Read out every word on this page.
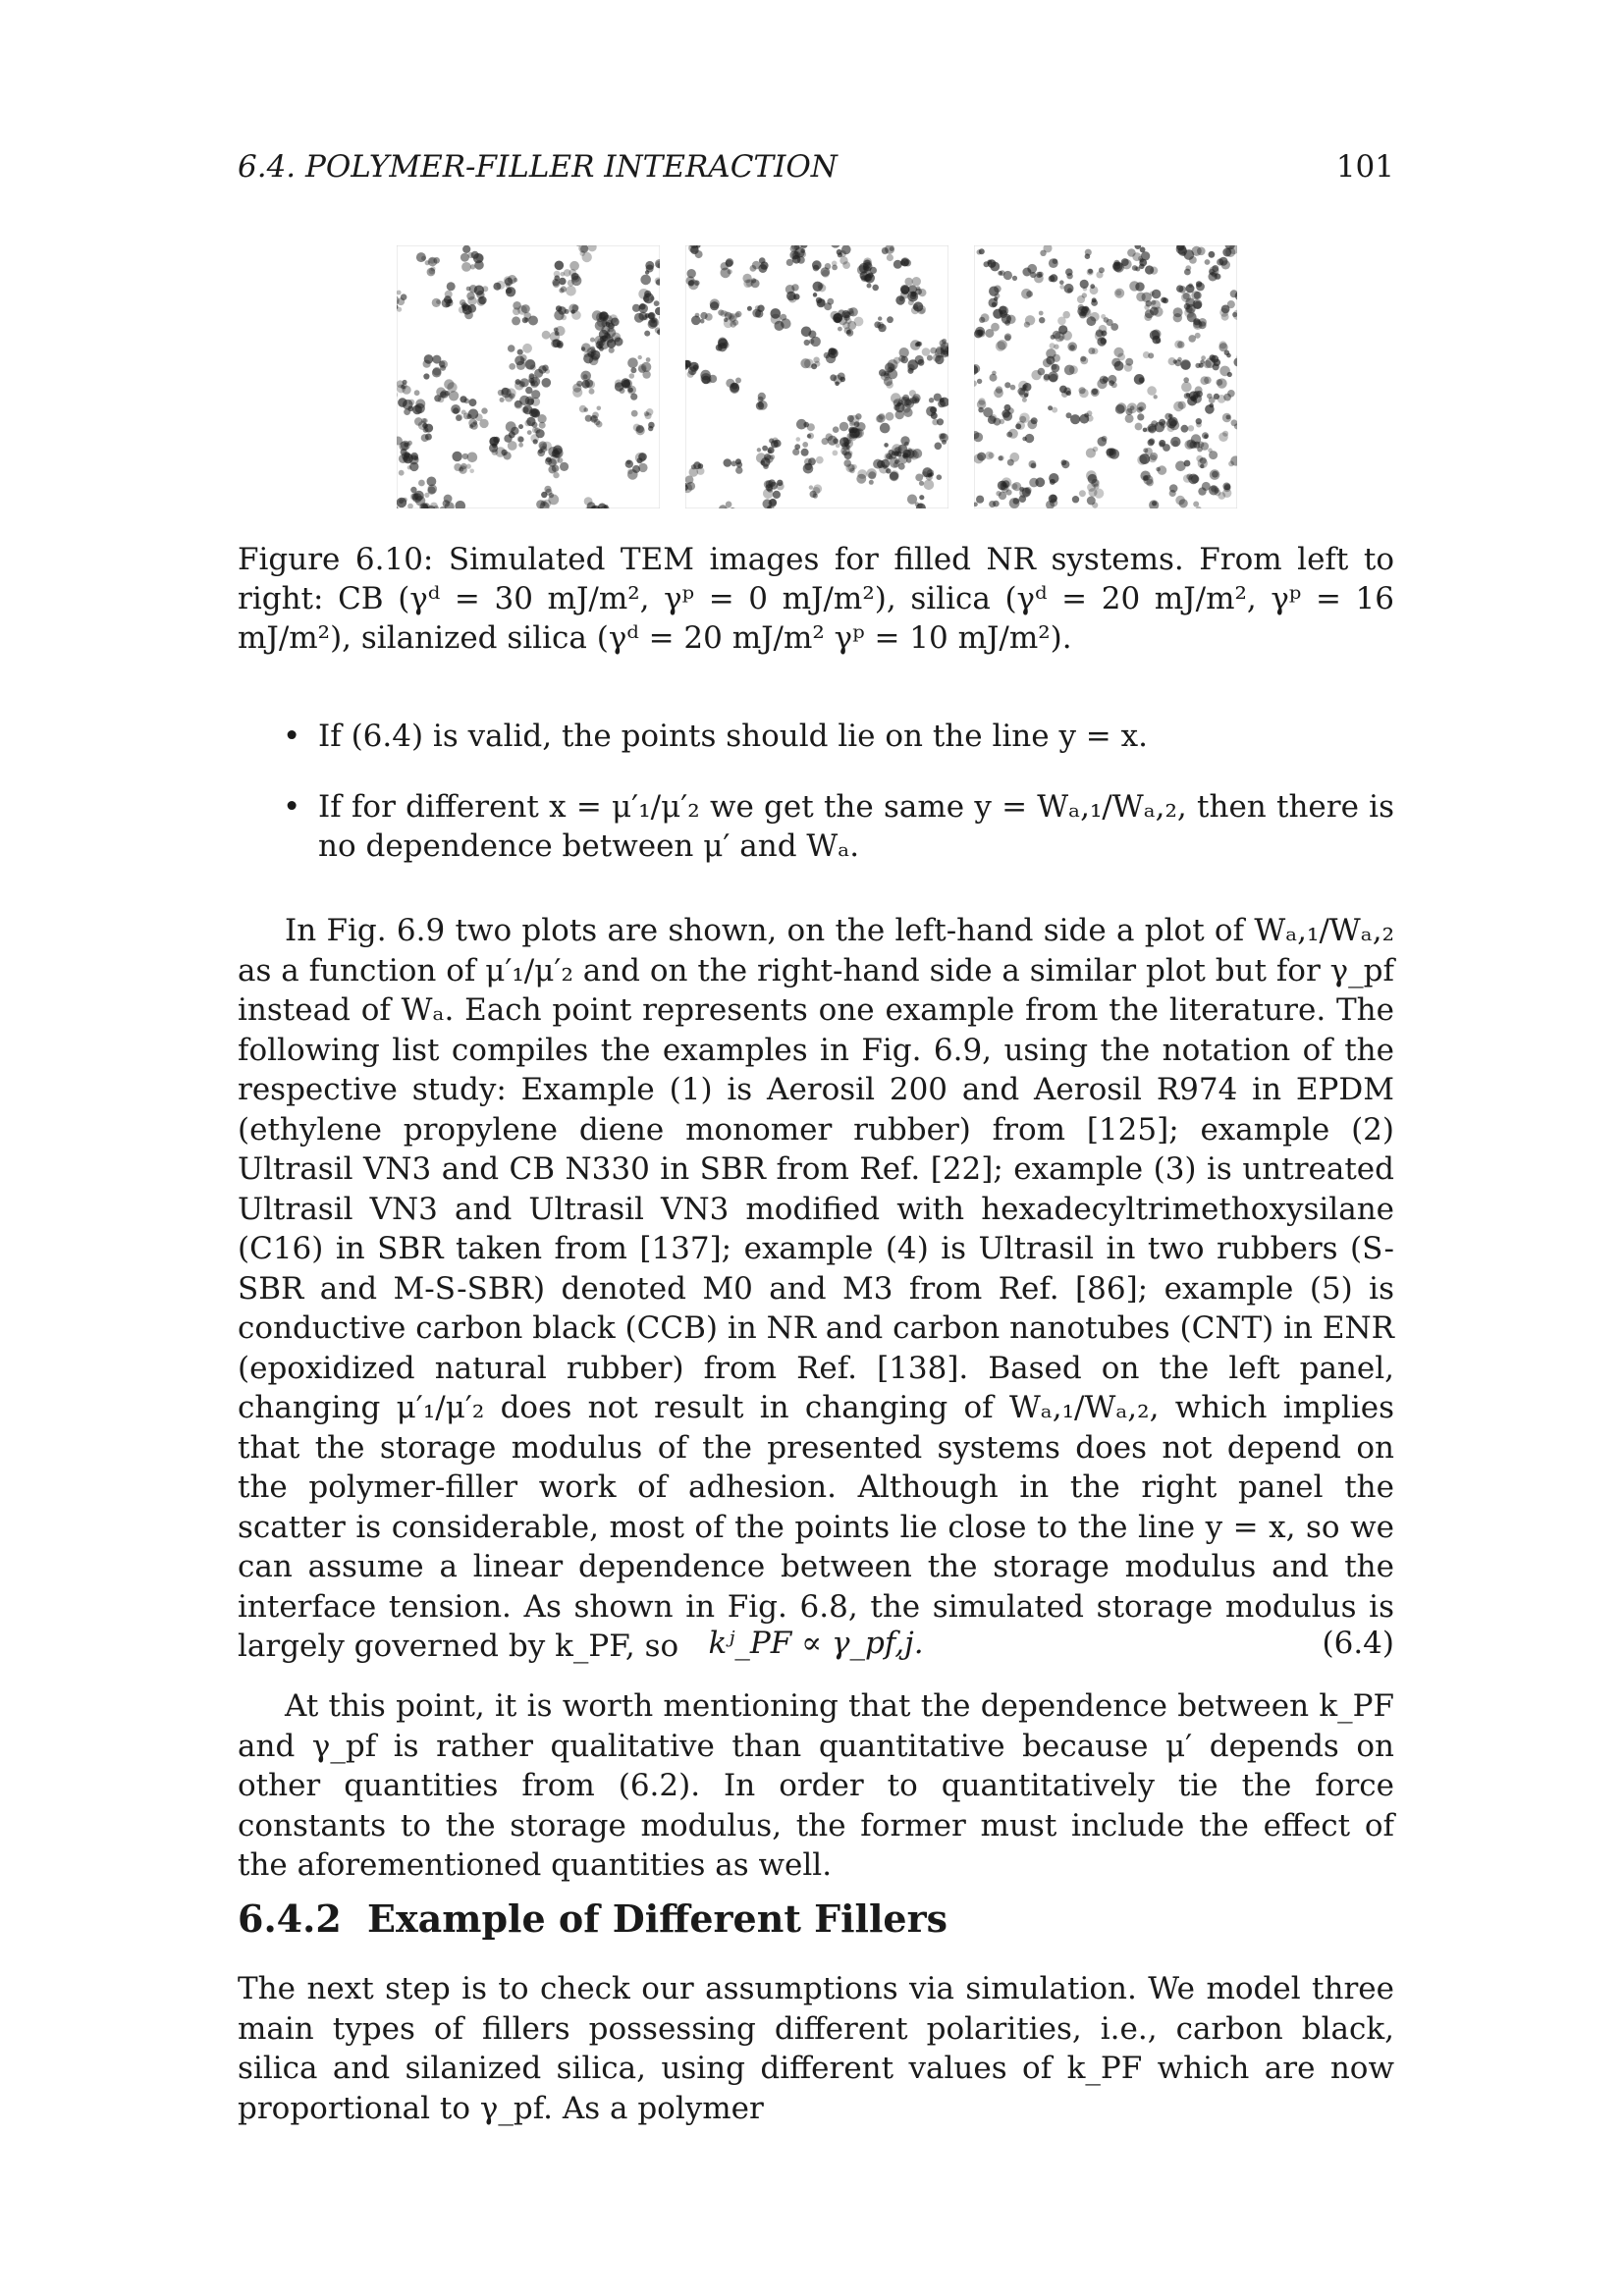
6.4. POLYMER-FILLER INTERACTION	101

Figure 6.10: Simulated TEM images for filled NR systems. From left to right: CB (γᵈ = 30 mJ/m², γᵖ = 0 mJ/m²), silica (γᵈ = 20 mJ/m², γᵖ = 16 mJ/m²), silanized silica (γᵈ = 20 mJ/m² γᵖ = 10 mJ/m²).

• If (6.4) is valid, the points should lie on the line y = x.
• If for different x = μ′₁/μ′₂ we get the same y = Wₐ,₁/Wₐ,₂, then there is no dependence between μ′ and Wₐ.

In Fig. 6.9 two plots are shown, on the left-hand side a plot of Wₐ,₁/Wₐ,₂ as a function of μ′₁/μ′₂ and on the right-hand side a similar plot but for γ_pf instead of Wₐ. Each point represents one example from the literature. The following list compiles the examples in Fig. 6.9, using the notation of the respective study: Example (1) is Aerosil 200 and Aerosil R974 in EPDM (ethylene propylene diene monomer rubber) from [125]; example (2) Ultrasil VN3 and CB N330 in SBR from Ref. [22]; example (3) is untreated Ultrasil VN3 and Ultrasil VN3 modified with hexadecyltrimethoxysilane (C16) in SBR taken from [137]; example (4) is Ultrasil in two rubbers (S-SBR and M-S-SBR) denoted M0 and M3 from Ref. [86]; example (5) is conductive carbon black (CCB) in NR and carbon nanotubes (CNT) in ENR (epoxidized natural rubber) from Ref. [138]. Based on the left panel, changing μ′₁/μ′₂ does not result in changing of Wₐ,₁/Wₐ,₂, which implies that the storage modulus of the presented systems does not depend on the polymer-filler work of adhesion. Although in the right panel the scatter is considerable, most of the points lie close to the line y = x, so we can assume a linear dependence between the storage modulus and the interface tension. As shown in Fig. 6.8, the simulated storage modulus is largely governed by k_PF, so kʲ_PF ∝ γ_pf,j.	(6.4)

At this point, it is worth mentioning that the dependence between k_PF and γ_pf is rather qualitative than quantitative because μ′ depends on other quantities from (6.2). In order to quantitatively tie the force constants to the storage modulus, the former must include the effect of the aforementioned quantities as well.

6.4.2 Example of Different Fillers

The next step is to check our assumptions via simulation. We model three main types of fillers possessing different polarities, i.e., carbon black, silica and silanized silica, using different values of k_PF which are now proportional to γ_pf. As a polymer
